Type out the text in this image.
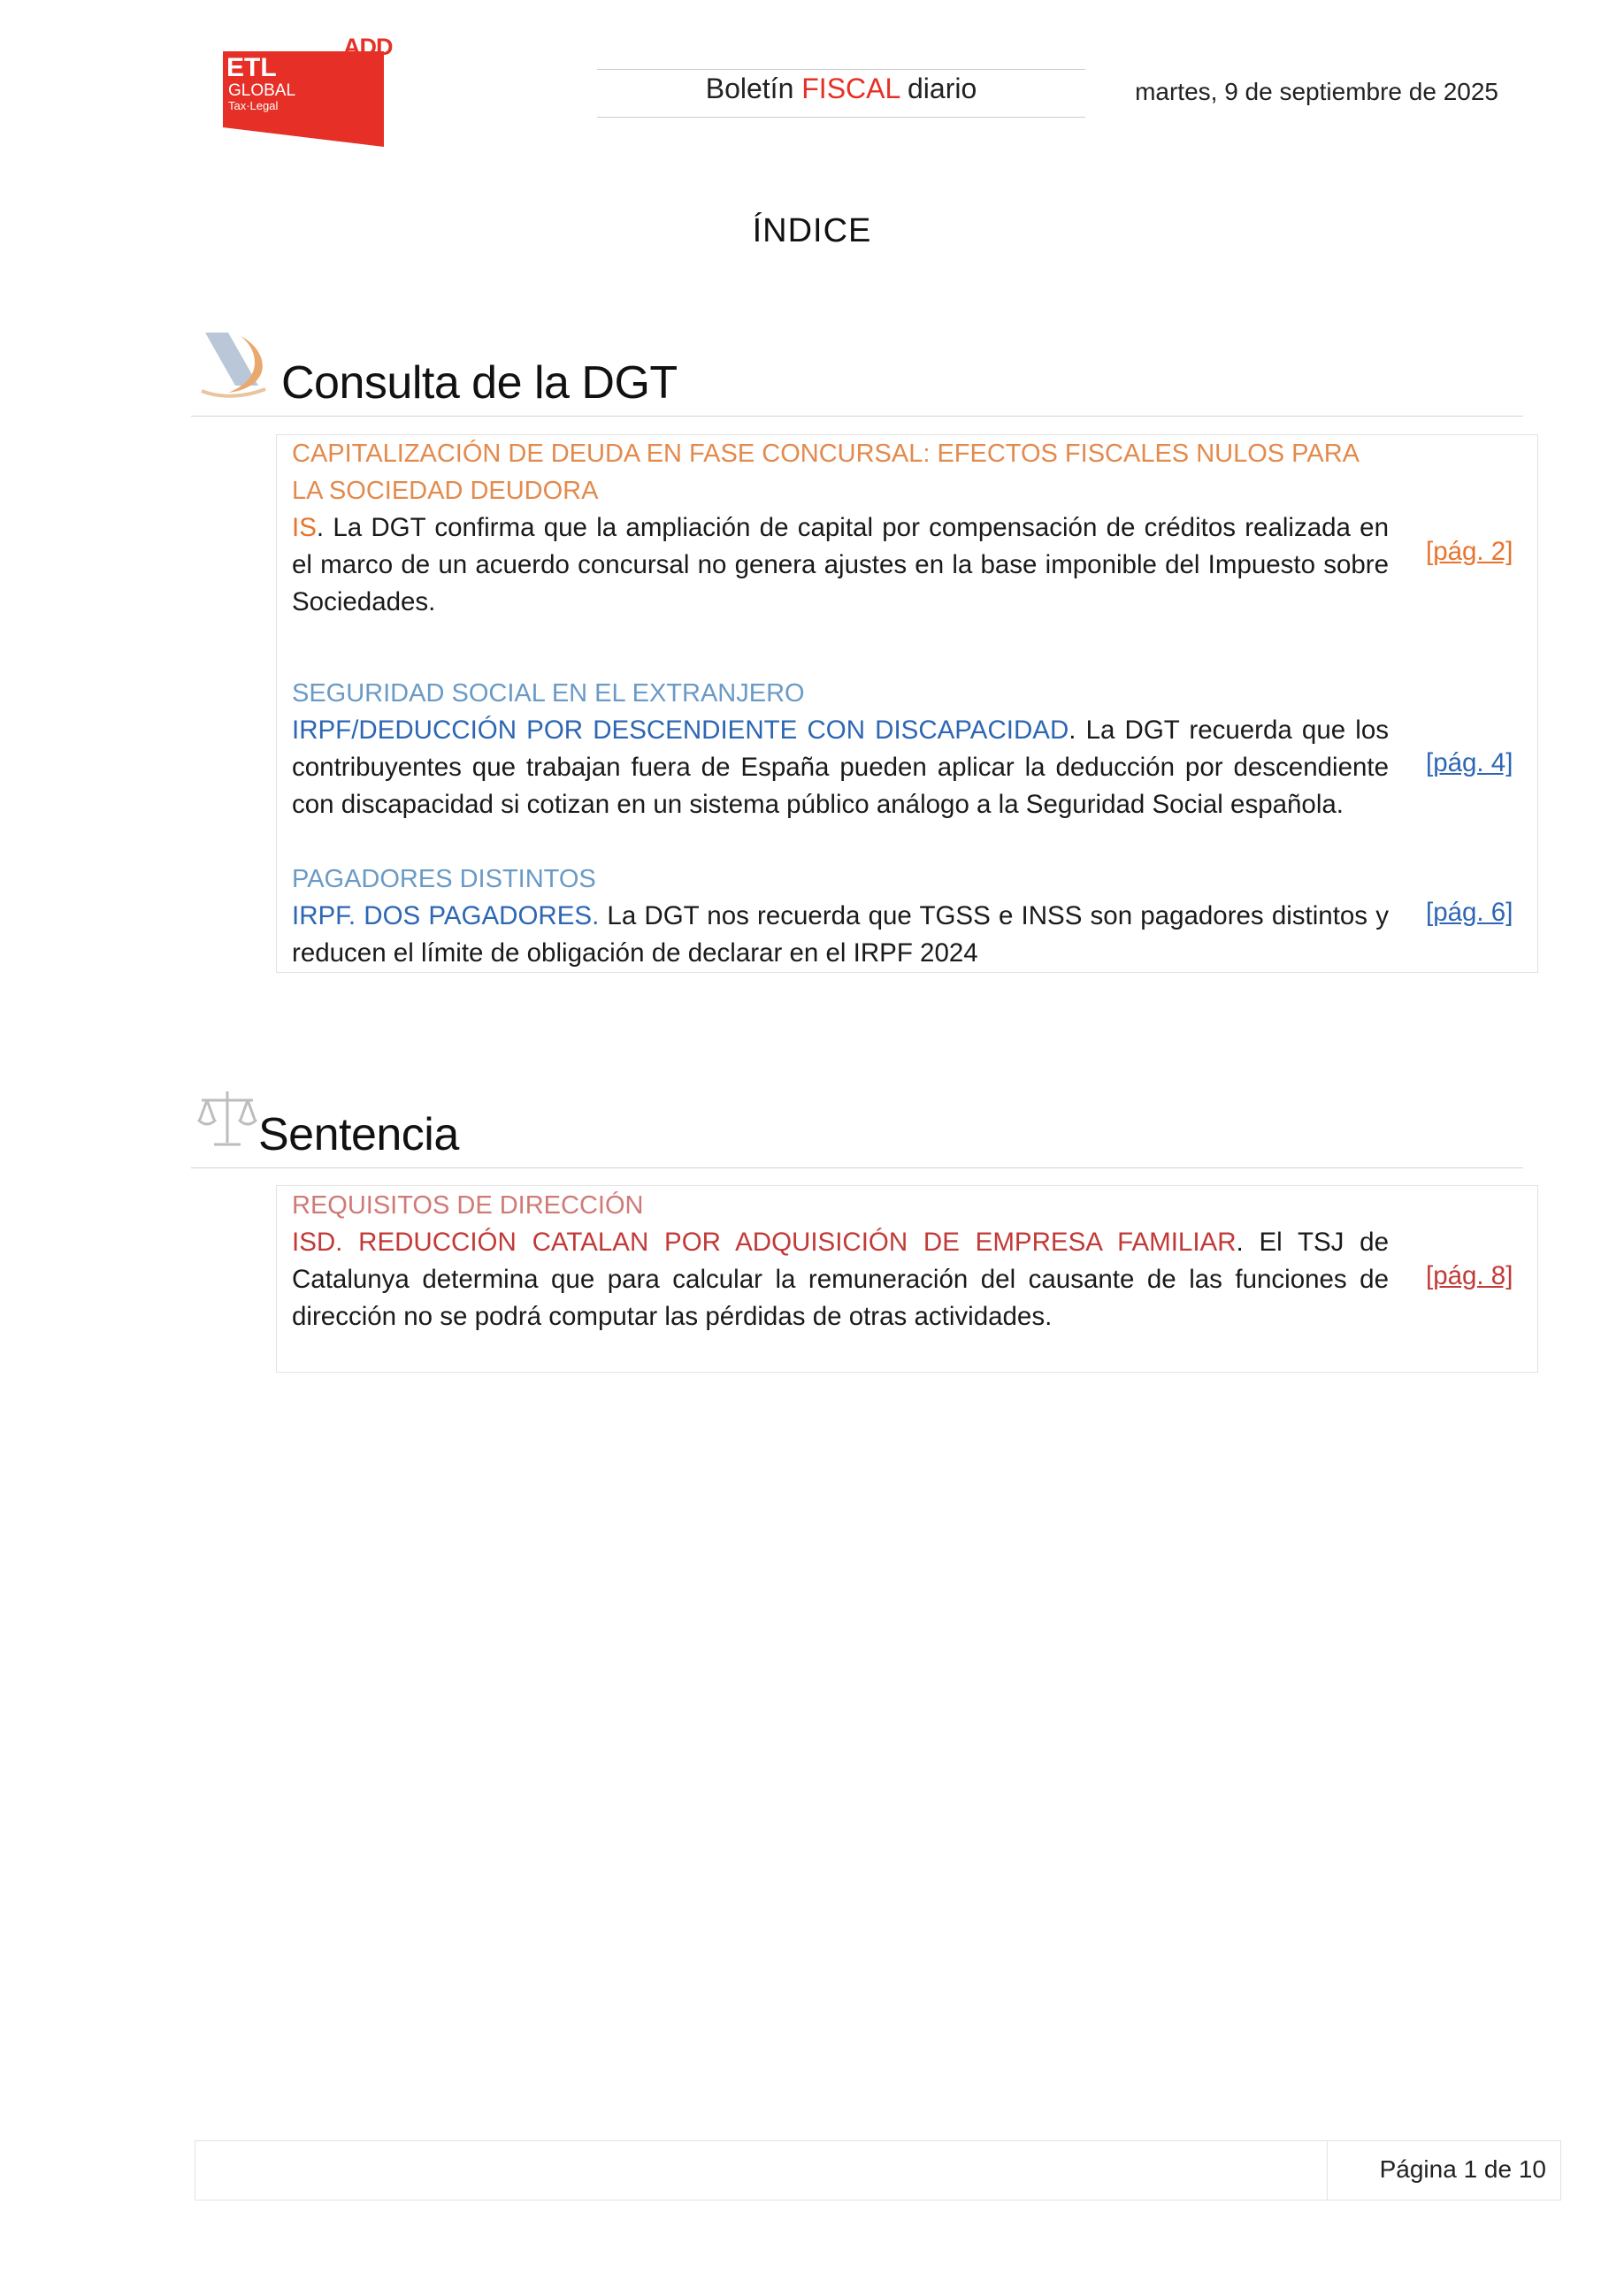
ETL
GLOBAL
Tax·Legal
ADD
Boletín FISCAL diario	martes, 9 de septiembre de 2025
ÍNDICE
Consulta de la DGT
CAPITALIZACIÓN DE DEUDA EN FASE CONCURSAL: EFECTOS FISCALES NULOS PARA LA SOCIEDAD DEUDORA
IS. La DGT confirma que la ampliación de capital por compensación de créditos realizada en el marco de un acuerdo concursal no genera ajustes en la base imponible del Impuesto sobre Sociedades.
[pág. 2]
SEGURIDAD SOCIAL EN EL EXTRANJERO
IRPF/DEDUCCIÓN POR DESCENDIENTE CON DISCAPACIDAD. La DGT recuerda que los contribuyentes que trabajan fuera de España pueden aplicar la deducción por descendiente con discapacidad si cotizan en un sistema público análogo a la Seguridad Social española.
[pág. 4]
PAGADORES DISTINTOS
IRPF. DOS PAGADORES. La DGT nos recuerda que TGSS e INSS son pagadores distintos y reducen el límite de obligación de declarar en el IRPF 2024
[pág. 6]
Sentencia
REQUISITOS DE DIRECCIÓN
ISD. REDUCCIÓN CATALAN POR ADQUISICIÓN DE EMPRESA FAMILIAR. El TSJ de Catalunya determina que para calcular la remuneración del causante de las funciones de dirección no se podrá computar las pérdidas de otras actividades.
[pág. 8]
Página 1 de 10
